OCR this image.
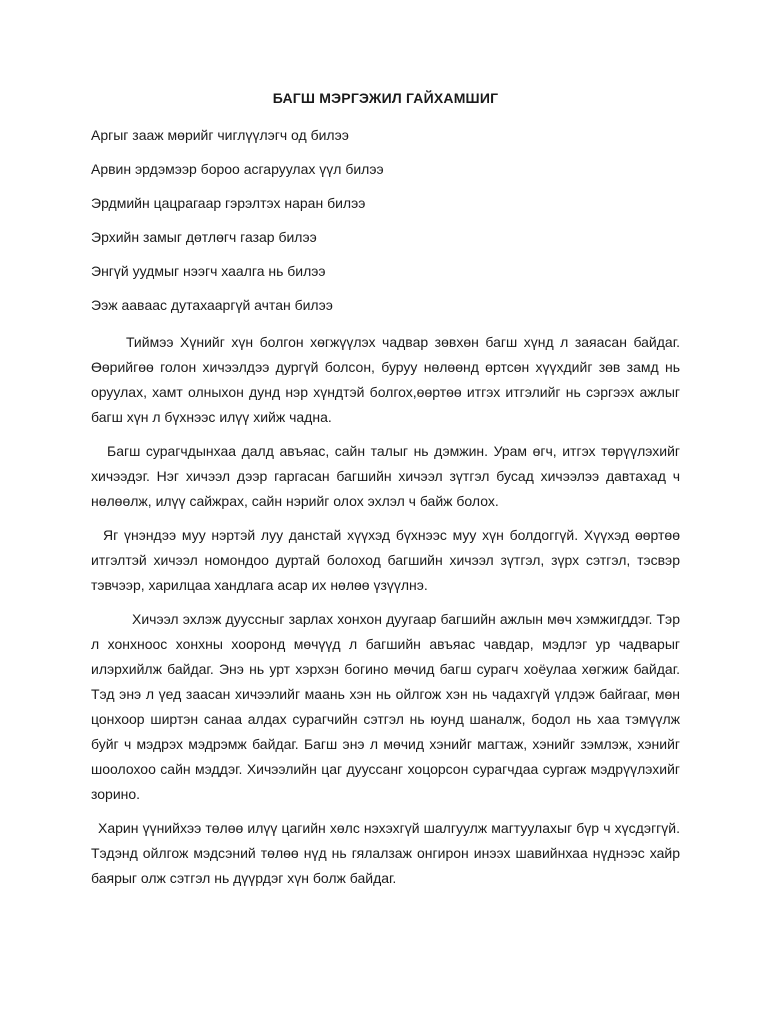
БАГШ МЭРГЭЖИЛ ГАЙХАМШИГ

Аргыг зааж мөрийг чиглүүлэгч од билээ

Арвин эрдэмээр бороо асгаруулах үүл билээ

Эрдмийн цацрагаар гэрэлтэх наран билээ

Эрхийн замыг дөтлөгч газар билээ

Энгүй уудмыг нээгч хаалга нь билээ

Ээж aaвaac дутахаaргүй ачтан билээ

Тиймээ Хүнийг хүн болгон хөгжүүлэх чадвар зөвхөн багш хүнд л заяасан байдаг. Өөрийгөө голон хичээлдээ дургүй болсон, буруу нөлөөнд өртсөн хүүхдийг зөв замд нь оруулах, хамт олныхон дунд нэр хүндтэй болгох,өөртөө итгэх итгэлийг нь сэргээх ажлыг багш хүн л бүхнээс илүү хийж чадна.

Багш сурагчдынхаа далд авъяас, сайн талыг нь дэмжин. Урам өгч, итгэх төрүүлэхийг хичээдэг. Нэг хичээл дээр гаргасан багшийн хичээл зүтгэл бусад хичээлээ давтахад ч нөлөөлж, илүү сайжрах, сайн нэрийг олох эхлэл ч байж болох.

Яг үнэндээ муу нэртэй луу данстай хүүхэд бүхнээс муу хүн болдоггүй. Хүүхэд өөртөө итгэлтэй хичээл номондоо дуртай болоход багшийн хичээл зүтгэл, зүрх сэтгэл, тэсвэр тэвчээр, харилцаа хандлага асар их нөлөө үзүүлнэ.

Хичээл эхлэж дуусcныг зарлах хонхон дуугаар багшийн ажлын мөч хэмжигддэг. Тэр л хонхноос хонхны хооронд мөчүүд л багшийн авъяас чавдар, мэдлэг ур чадварыг илэрхийлж байдаг. Энэ нь урт хэрхэн богино мөчид багш сурагч хоёулаа хөгжиж байдаг. Тэд энэ л үед заасан хичээлийг маань хэн нь ойлгож хэн нь чадахгүй үлдэж байгааг, мөн цонхоор ширтэн санаа алдах сурагчийн сэтгэл нь юунд шаналж, бодол нь хаа тэмүүлж буйг ч мэдрэх мэдрэмж байдаг. Багш энэ л мөчид хэнийг магтаж, хэнийг зэмлэж, хэнийг шоолохоо сайн мэддэг. Хичээлийн цаг дууссанг хоцорсон сурагчдаа сургаж мэдрүүлэхийг зорино.

Харин үүнийхээ төлөө илүү цагийн хөлс нэхэхгүй шалгуулж магтуулахыг бүр ч хүсдэггүй. Тэдэнд ойлгож мэдсэний төлөө нүд нь гялалзаж онгирон инээх шавийнхаа нүднээс хайр баярыг олж сэтгэл нь дүүрдэг хүн болж байдаг.
